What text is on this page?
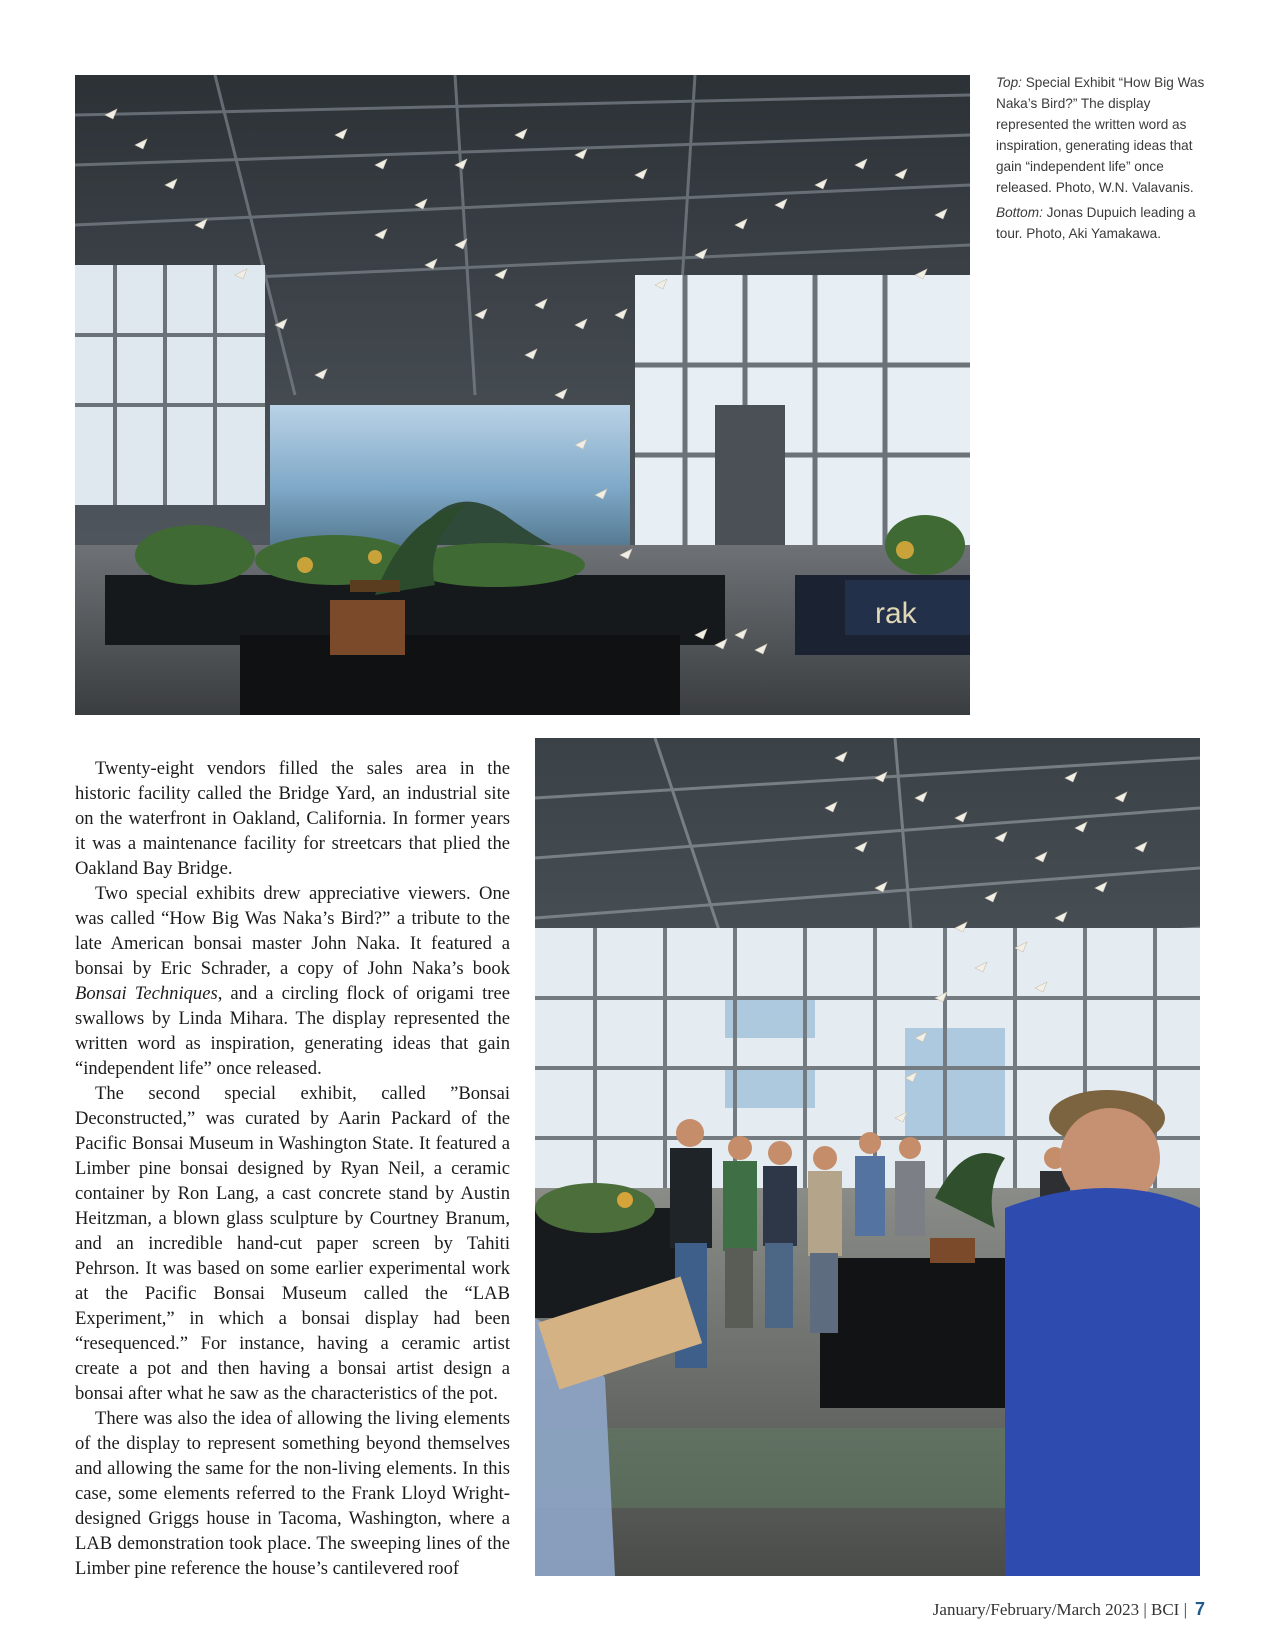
rak

Top: Special Exhibit “How Big Was Naka’s Bird?” The display represented the written word as inspiration, generating ideas that gain “independent life” once released. Photo, W.N. Valavanis.

Bottom: Jonas Dupuich leading a tour. Photo, Aki Yamakawa.

Twenty-eight vendors filled the sales area in the historic facility called the Bridge Yard, an industrial site on the waterfront in Oakland, California. In former years it was a maintenance facility for streetcars that plied the Oakland Bay Bridge.

Two special exhibits drew appreciative viewers. One was called “How Big Was Naka’s Bird?” a tribute to the late American bonsai master John Naka. It featured a bonsai by Eric Schrader, a copy of John Naka’s book Bonsai Techniques, and a circling flock of origami tree swallows by Linda Mihara. The display represented the written word as inspiration, generating ideas that gain “independent life” once released.

The second special exhibit, called ”Bonsai Deconstructed,” was curated by Aarin Packard of the Pacific Bonsai Museum in Washington State. It featured a Limber pine bonsai designed by Ryan Neil, a ceramic container by Ron Lang, a cast concrete stand by Austin Heitzman, a blown glass sculpture by Courtney Branum, and an incredible hand-cut paper screen by Tahiti Pehrson. It was based on some earlier experimental work at the Pacific Bonsai Museum called the “LAB Experiment,” in which a bonsai display had been “resequenced.” For instance, having a ceramic artist create a pot and then having a bonsai artist design a bonsai after what he saw as the characteristics of the pot.

There was also the idea of allowing the living elements of the display to represent something beyond themselves and allowing the same for the non-living elements. In this case, some elements referred to the Frank Lloyd Wright-designed Griggs house in Tacoma, Washington, where a LAB demonstration took place. The sweeping lines of the Limber pine reference the house’s cantilevered roof

January/February/March 2023 | BCI | 7
